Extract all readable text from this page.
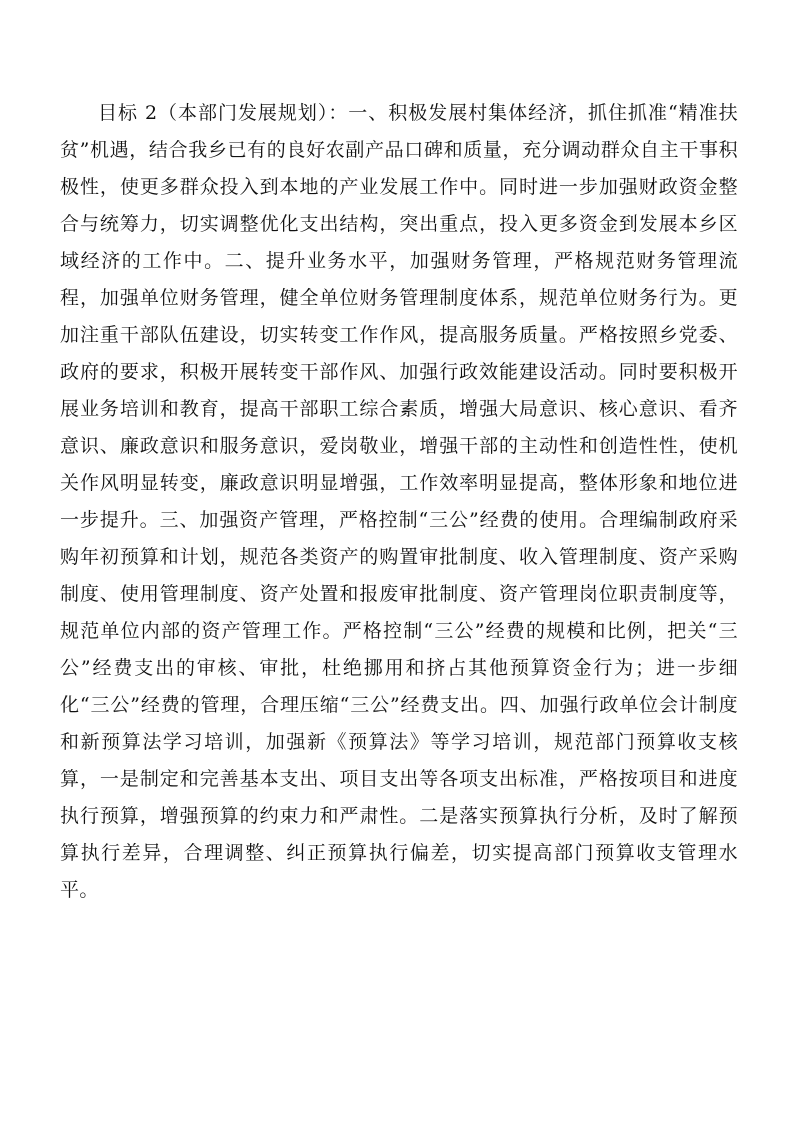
目标 2（本部门发展规划）：一、积极发展村集体经济，抓住抓准“精准扶贫”机遇，结合我乡已有的良好农副产品口碑和质量，充分调动群众自主干事积极性，使更多群众投入到本地的产业发展工作中。同时进一步加强财政资金整合与统筹力，切实调整优化支出结构，突出重点，投入更多资金到发展本乡区域经济的工作中。二、提升业务水平，加强财务管理，严格规范财务管理流程，加强单位财务管理，健全单位财务管理制度体系，规范单位财务行为。更加注重干部队伍建设，切实转变工作作风，提高服务质量。严格按照乡党委、政府的要求，积极开展转变干部作风、加强行政效能建设活动。同时要积极开展业务培训和教育，提高干部职工综合素质，增强大局意识、核心意识、看齐意识、廉政意识和服务意识，爱岗敬业，增强干部的主动性和创造性性，使机关作风明显转变，廉政意识明显增强，工作效率明显提高，整体形象和地位进一步提升。三、加强资产管理，严格控制“三公”经费的使用。合理编制政府采购年初预算和计划，规范各类资产的购置审批制度、收入管理制度、资产采购制度、使用管理制度、资产处置和报废审批制度、资产管理岗位职责制度等，规范单位内部的资产管理工作。严格控制“三公”经费的规模和比例，把关“三公”经费支出的审核、审批，杜绝挪用和挤占其他预算资金行为；进一步细化“三公”经费的管理，合理压缩“三公”经费支出。四、加强行政单位会计制度和新预算法学习培训，加强新《预算法》等学习培训，规范部门预算收支核算，一是制定和完善基本支出、项目支出等各项支出标准，严格按项目和进度执行预算，增强预算的约束力和严肃性。二是落实预算执行分析，及时了解预算执行差异，合理调整、纠正预算执行偏差，切实提高部门预算收支管理水平。
